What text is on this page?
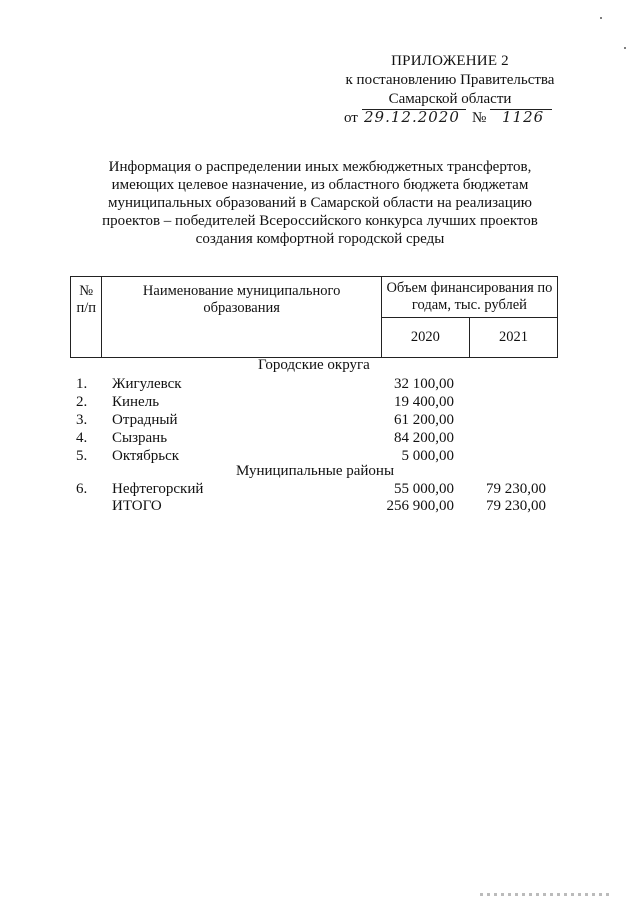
ПРИЛОЖЕНИЕ 2
к постановлению Правительства
Самарской области
от 29.12.2020 № 1126
Информация о распределении иных межбюджетных трансфертов,
имеющих целевое назначение, из областного бюджета бюджетам
муниципальных образований в Самарской области на реализацию
проектов – победителей Всероссийского конкурса лучших проектов
создания комфортной городской среды
№ п/п	Наименование муниципального образования	Объем финансирования по годам, тыс. рублей	
		2020	2021
Городские округа
1. Жигулевск	32 100,00
2. Кинель	19 400,00
3. Отрадный	61 200,00
4. Сызрань	84 200,00
5. Октябрьск	5 000,00
Муниципальные районы
6. Нефтегорский	55 000,00	79 230,00
ИТОГО	256 900,00	79 230,00
